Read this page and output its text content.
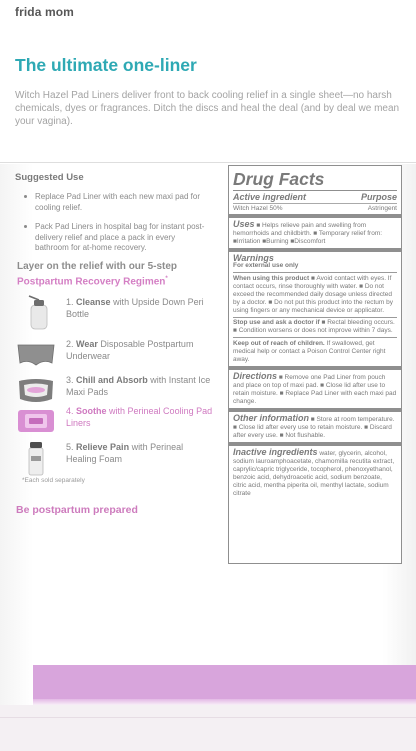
frida mom
The ultimate one-liner
Witch Hazel Pad Liners deliver front to back cooling relief in a single sheet—no harsh chemicals, dyes or fragrances. Ditch the discs and heal the deal (and by deal we mean your vagina).
Suggested Use
Replace Pad Liner with each new maxi pad for cooling relief.
Pack Pad Liners in hospital bag for instant post-delivery relief and place a pack in every bathroom for at-home recovery.
Layer on the relief with our 5-step
Postpartum Recovery Regimen*
1. Cleanse with Upside Down Peri Bottle
2. Wear Disposable Postpartum Underwear
3. Chill and Absorb with Instant Ice Maxi Pads
4. Soothe with Perineal Cooling Pad Liners
5. Relieve Pain with Perineal Healing Foam
*Each sold separately
Be postpartum prepared
Drug Facts
Active ingredient	Purpose
Witch Hazel 50%	Astringent
Uses ■ Helps relieve pain and swelling from hemorrhoids and childbirth. ■ Temporary relief from: ■Irritation ■Burning ■Discomfort
Warnings
For external use only
When using this product ■ Avoid contact with eyes. If contact occurs, rinse thoroughly with water. ■ Do not exceed the recommended daily dosage unless directed by a doctor. ■ Do not put this product into the rectum by using fingers or any mechanical device or applicator.
Stop use and ask a doctor if ■ Rectal bleeding occurs. ■ Condition worsens or does not improve within 7 days.
Keep out of reach of children. If swallowed, get medical help or contact a Poison Control Center right away.
Directions ■ Remove one Pad Liner from pouch and place on top of maxi pad. ■ Close lid after use to retain moisture. ■ Replace Pad Liner with each maxi pad change.
Other information ■ Store at room temperature. ■ Close lid after every use to retain moisture. ■ Discard after every use. ■ Not flushable.
Inactive ingredients water, glycerin, alcohol, sodium lauroamphoacetate, chamomilla recutita extract, caprylic/capric triglyceride, tocopherol, phenoxyethanol, benzoic acid, dehydroacetic acid, sodium benzoate, citric acid, mentha piperita oil, menthyl lactate, sodium citrate
